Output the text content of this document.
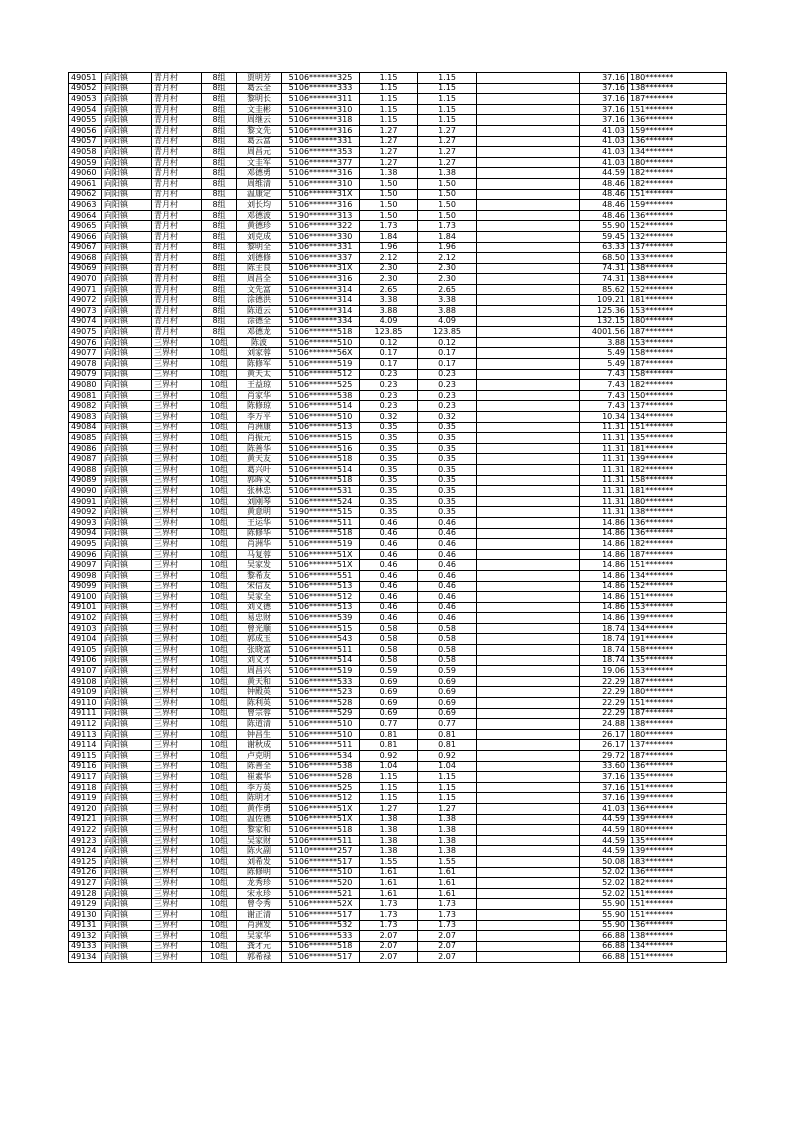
49051	向阳镇	青月村	8组	贾明芳	5106*******325	1.15	1.15		37.16	180*******
49052	向阳镇	青月村	8组	葛云全	5106*******333	1.15	1.15		37.16	138*******
49053	向阳镇	青月村	8组	黎明长	5106*******311	1.15	1.15		37.16	187*******
49054	向阳镇	青月村	8组	文圭彬	5106*******310	1.15	1.15		37.16	151*******
49055	向阳镇	青月村	8组	周继云	5106*******318	1.15	1.15		37.16	136*******
49056	向阳镇	青月村	8组	黎文先	5106*******316	1.27	1.27		41.03	159*******
49057	向阳镇	青月村	8组	葛云富	5106*******331	1.27	1.27		41.03	136*******
49058	向阳镇	青月村	8组	周昌元	5106*******353	1.27	1.27		41.03	134*******
49059	向阳镇	青月村	8组	文圭军	5106*******377	1.27	1.27		41.03	180*******
49060	向阳镇	青月村	8组	邓德勇	5106*******316	1.38	1.38		44.59	182*******
49061	向阳镇	青月村	8组	周维清	5106*******310	1.50	1.50		48.46	182*******
49062	向阳镇	青月村	8组	温康定	5106*******31X	1.50	1.50		48.46	151*******
49063	向阳镇	青月村	8组	刘长均	5106*******316	1.50	1.50		48.46	159*******
49064	向阳镇	青月村	8组	邓德波	5190*******313	1.50	1.50		48.46	136*******
49065	向阳镇	青月村	8组	黄德珍	5106*******322	1.73	1.73		55.90	152*******
49066	向阳镇	青月村	8组	刘克成	5106*******330	1.84	1.84		59.45	132*******
49067	向阳镇	青月村	8组	黎明全	5106*******331	1.96	1.96		63.33	137*******
49068	向阳镇	青月村	8组	刘德修	5106*******337	2.12	2.12		68.50	133*******
49069	向阳镇	青月村	8组	陈主良	5106*******31X	2.30	2.30		74.31	138*******
49070	向阳镇	青月村	8组	周昌全	5106*******316	2.30	2.30		74.31	138*******
49071	向阳镇	青月村	8组	文先富	5106*******314	2.65	2.65		85.62	152*******
49072	向阳镇	青月村	8组	涂德洪	5106*******314	3.38	3.38		109.21	181*******
49073	向阳镇	青月村	8组	陈道云	5106*******314	3.88	3.88		125.36	153*******
49074	向阳镇	青月村	8组	涂德全	5106*******334	4.09	4.09		132.15	180*******
49075	向阳镇	青月村	8组	邓德龙	5106*******518	123.85	123.85		4001.56	187*******
49076	向阳镇	三界村	10组	陈波	5106*******510	0.12	0.12		3.88	153*******
49077	向阳镇	三界村	10组	刘家蓉	5106*******56X	0.17	0.17		5.49	158*******
49078	向阳镇	三界村	10组	陈修军	5106*******519	0.17	0.17		5.49	187*******
49079	向阳镇	三界村	10组	黄天太	5106*******512	0.23	0.23		7.43	158*******
49080	向阳镇	三界村	10组	王益琼	5106*******525	0.23	0.23		7.43	182*******
49081	向阳镇	三界村	10组	肖家华	5106*******538	0.23	0.23		7.43	150*******
49082	向阳镇	三界村	10组	陈修琼	5106*******514	0.23	0.23		7.43	137*******
49083	向阳镇	三界村	10组	李万平	5106*******510	0.32	0.32		10.34	134*******
49084	向阳镇	三界村	10组	肖洲康	5106*******513	0.35	0.35		11.31	151*******
49085	向阳镇	三界村	10组	肖振元	5106*******515	0.35	0.35		11.31	135*******
49086	向阳镇	三界村	10组	陈善华	5106*******516	0.35	0.35		11.31	181*******
49087	向阳镇	三界村	10组	黄天友	5106*******518	0.35	0.35		11.31	139*******
49088	向阳镇	三界村	10组	葛兴叶	5106*******514	0.35	0.35		11.31	182*******
49089	向阳镇	三界村	10组	郭晖义	5106*******518	0.35	0.35		11.31	158*******
49090	向阳镇	三界村	10组	张林忠	5106*******531	0.35	0.35		11.31	181*******
49091	向阳镇	三界村	10组	刘刚琴	5106*******524	0.35	0.35		11.31	180*******
49092	向阳镇	三界村	10组	黄意明	5190*******515	0.35	0.35		11.31	138*******
49093	向阳镇	三界村	10组	王运华	5106*******511	0.46	0.46		14.86	136*******
49094	向阳镇	三界村	10组	陈修华	5106*******518	0.46	0.46		14.86	136*******
49095	向阳镇	三界村	10组	肖洲华	5106*******519	0.46	0.46		14.86	182*******
49096	向阳镇	三界村	10组	马复蓉	5106*******51X	0.46	0.46		14.86	187*******
49097	向阳镇	三界村	10组	吴家发	5106*******51X	0.46	0.46		14.86	151*******
49098	向阳镇	三界村	10组	黎希友	5106*******551	0.46	0.46		14.86	134*******
49099	向阳镇	三界村	10组	宋信友	5106*******513	0.46	0.46		14.86	152*******
49100	向阳镇	三界村	10组	吴家全	5106*******512	0.46	0.46		14.86	151*******
49101	向阳镇	三界村	10组	刘义德	5106*******513	0.46	0.46		14.86	153*******
49102	向阳镇	三界村	10组	易忠财	5106*******539	0.46	0.46		14.86	139*******
49103	向阳镇	三界村	10组	曾光顺	5106*******515	0.58	0.58		18.74	134*******
49104	向阳镇	三界村	10组	郭成玉	5106*******543	0.58	0.58		18.74	191*******
49105	向阳镇	三界村	10组	张晓富	5106*******511	0.58	0.58		18.74	158*******
49106	向阳镇	三界村	10组	刘义才	5106*******514	0.58	0.58		18.74	135*******
49107	向阳镇	三界村	10组	周昌兴	5106*******519	0.59	0.59		19.06	153*******
49108	向阳镇	三界村	10组	黄天和	5106*******533	0.69	0.69		22.29	187*******
49109	向阳镇	三界村	10组	钟殿英	5106*******523	0.69	0.69		22.29	180*******
49110	向阳镇	三界村	10组	陈利英	5106*******528	0.69	0.69		22.29	151*******
49111	向阳镇	三界村	10组	曾宗蓉	5106*******529	0.69	0.69		22.29	187*******
49112	向阳镇	三界村	10组	陈道清	5106*******510	0.77	0.77		24.88	138*******
49113	向阳镇	三界村	10组	钟昌生	5106*******510	0.81	0.81		26.17	180*******
49114	向阳镇	三界村	10组	谢秋成	5106*******511	0.81	0.81		26.17	137*******
49115	向阳镇	三界村	10组	卢克明	5106*******534	0.92	0.92		29.72	187*******
49116	向阳镇	三界村	10组	陈善全	5106*******538	1.04	1.04		33.60	136*******
49117	向阳镇	三界村	10组	崔素华	5106*******528	1.15	1.15		37.16	135*******
49118	向阳镇	三界村	10组	李万英	5106*******525	1.15	1.15		37.16	151*******
49119	向阳镇	三界村	10组	陈明才	5106*******512	1.15	1.15		37.16	139*******
49120	向阳镇	三界村	10组	黄作勇	5106*******51X	1.27	1.27		41.03	136*******
49121	向阳镇	三界村	10组	温佐德	5106*******51X	1.38	1.38		44.59	139*******
49122	向阳镇	三界村	10组	黎家和	5106*******518	1.38	1.38		44.59	180*******
49123	向阳镇	三界村	10组	吴家财	5106*******511	1.38	1.38		44.59	135*******
49124	向阳镇	三界村	10组	陈火副	5110*******257	1.38	1.38		44.59	139*******
49125	向阳镇	三界村	10组	刘希发	5106*******517	1.55	1.55		50.08	183*******
49126	向阳镇	三界村	10组	陈修明	5106*******510	1.61	1.61		52.02	136*******
49127	向阳镇	三界村	10组	龙秀珍	5106*******520	1.61	1.61		52.02	182*******
49128	向阳镇	三界村	10组	宋永珍	5106*******521	1.61	1.61		52.02	151*******
49129	向阳镇	三界村	10组	曾令秀	5106*******52X	1.73	1.73		55.90	151*******
49130	向阳镇	三界村	10组	谢正清	5106*******517	1.73	1.73		55.90	151*******
49131	向阳镇	三界村	10组	肖洲发	5106*******532	1.73	1.73		55.90	136*******
49132	向阳镇	三界村	10组	吴家华	5106*******533	2.07	2.07		66.88	138*******
49133	向阳镇	三界村	10组	龚才元	5106*******518	2.07	2.07		66.88	134*******
49134	向阳镇	三界村	10组	郭希禄	5106*******517	2.07	2.07		66.88	151*******
